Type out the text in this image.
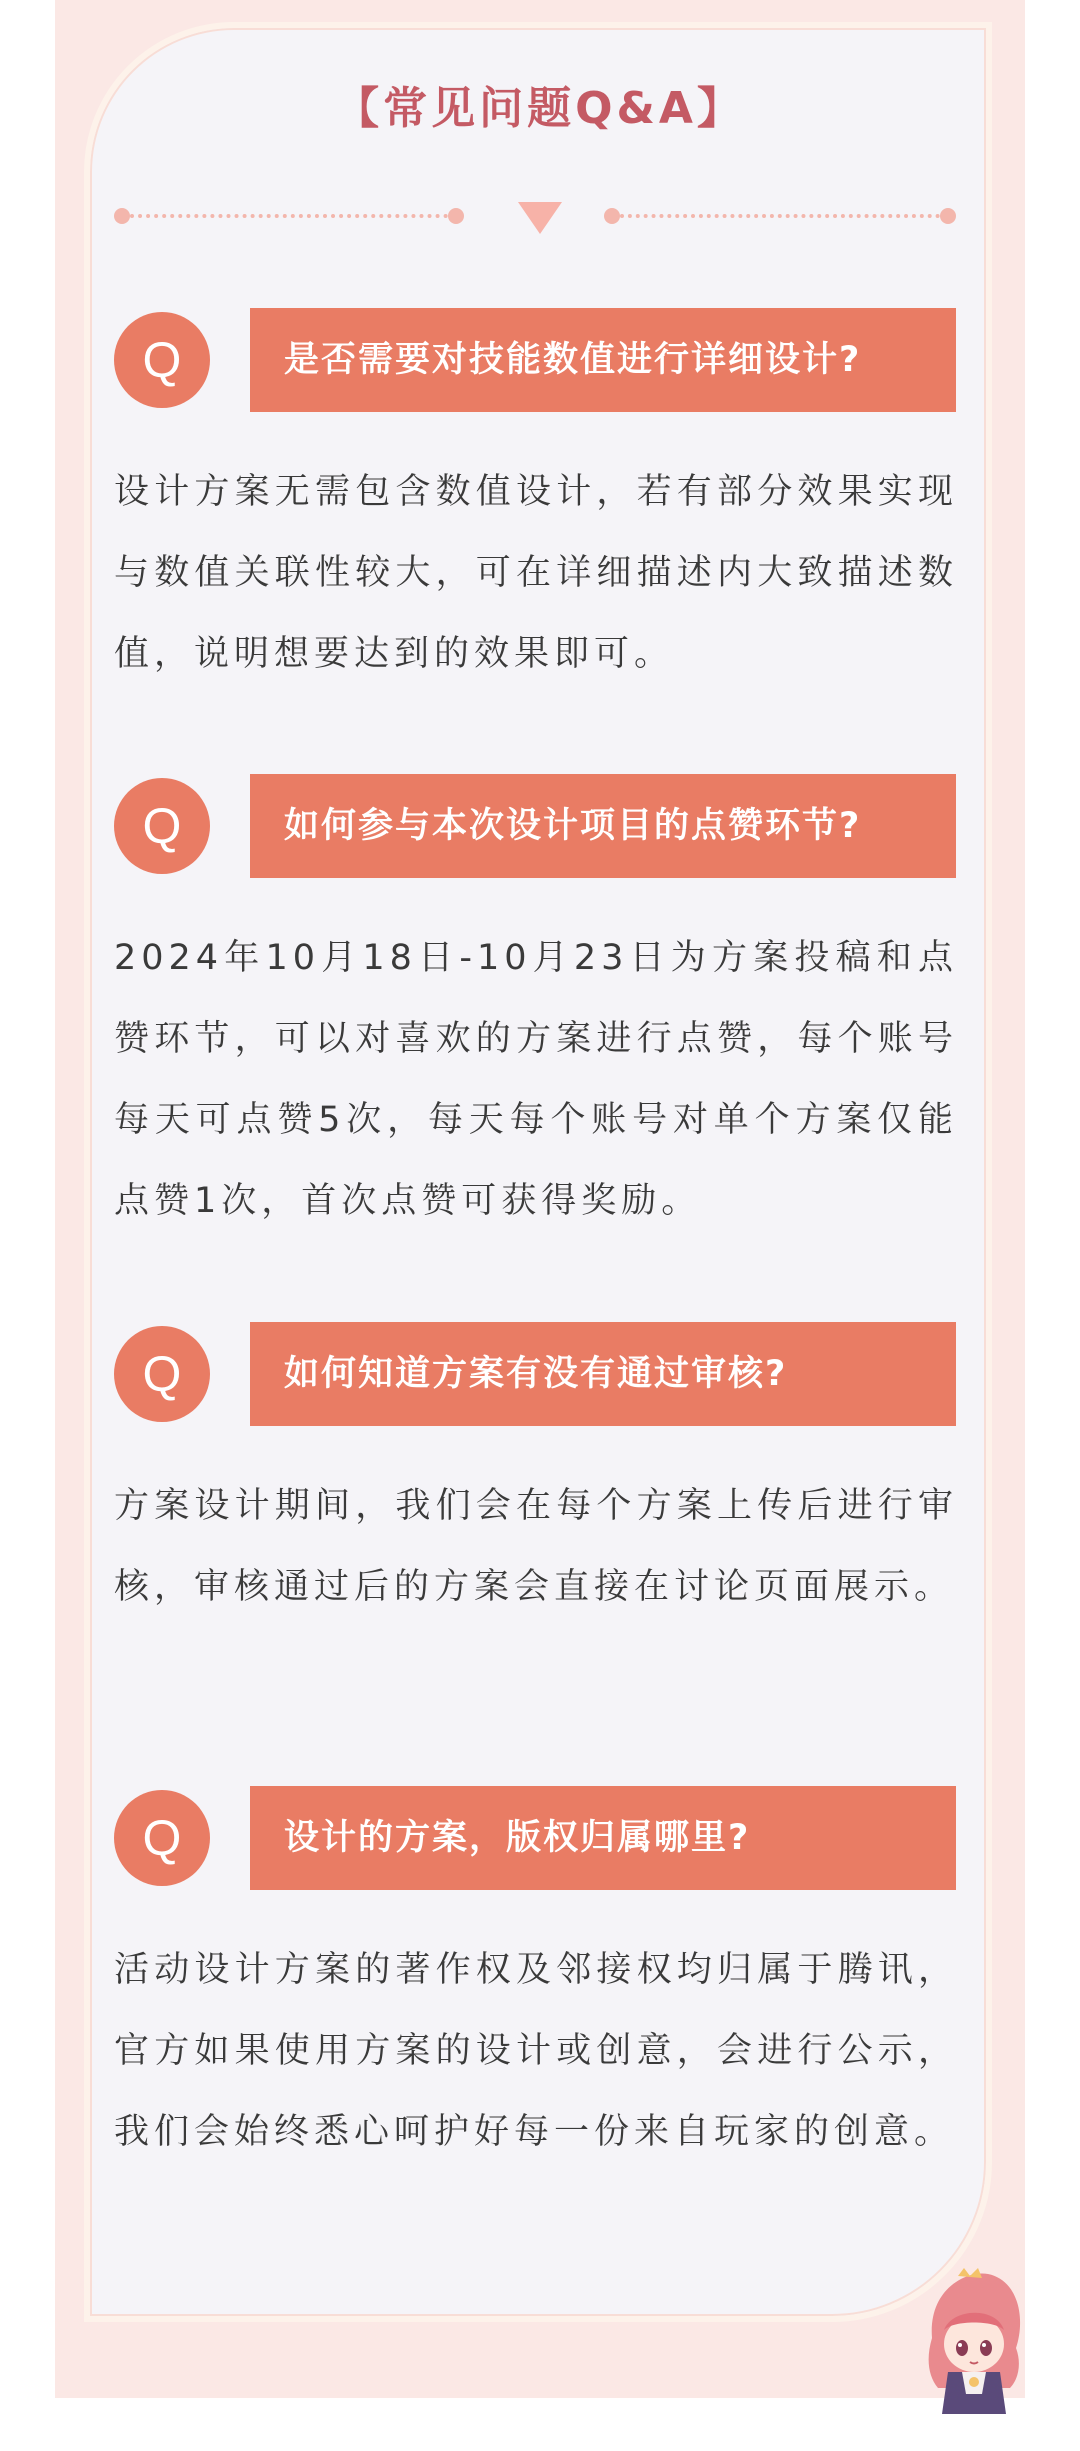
【常见问题Q&A】
Q	是否需要对技能数值进行详细设计?
设计方案无需包含数值设计，若有部分效果实现与数值关联性较大，可在详细描述内大致描述数值，说明想要达到的效果即可。
Q	如何参与本次设计项目的点赞环节?
2024年10月18日-10月23日为方案投稿和点赞环节，可以对喜欢的方案进行点赞，每个账号每天可点赞5次，每天每个账号对单个方案仅能点赞1次，首次点赞可获得奖励。
Q	如何知道方案有没有通过审核?
方案设计期间，我们会在每个方案上传后进行审核，审核通过后的方案会直接在讨论页面展示。
Q	设计的方案，版权归属哪里?
活动设计方案的著作权及邻接权均归属于腾讯，官方如果使用方案的设计或创意，会进行公示，我们会始终悉心呵护好每一份来自玩家的创意。
